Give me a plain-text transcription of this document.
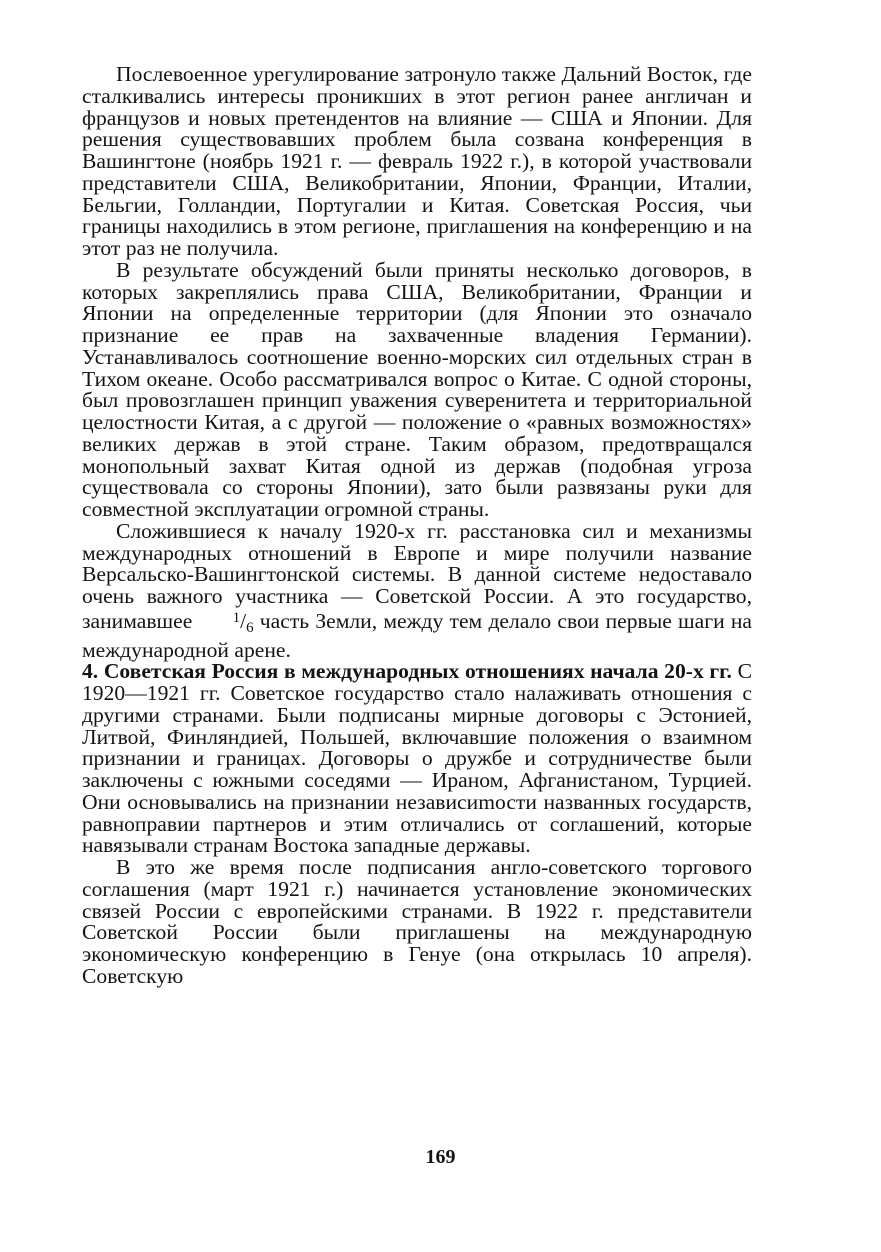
Послевоенное урегулирование затронуло также Дальний Восток, где сталкивались интересы проникших в этот регион ранее англичан и французов и новых претендентов на влияние — США и Японии. Для решения существовавших проблем была созвана конференция в Вашингтоне (ноябрь 1921 г. — февраль 1922 г.), в которой участвовали представители США, Великобритании, Японии, Франции, Италии, Бельгии, Голландии, Португалии и Китая. Советская Россия, чьи границы находились в этом регионе, приглашения на конференцию и на этот раз не получила.

В результате обсуждений были приняты несколько договоров, в которых закреплялись права США, Великобритании, Франции и Японии на определенные территории (для Японии это означало признание ее прав на захваченные владения Германии). Устанавливалось соотношение военно-морских сил отдельных стран в Тихом океане. Особо рассматривался вопрос о Китае. С одной стороны, был провозглашен принцип уважения суверенитета и территориальной целостности Китая, а с другой — положение о «равных возможностях» великих держав в этой стране. Таким образом, предотвращался монопольный захват Китая одной из держав (подобная угроза существовала со стороны Японии), зато были развязаны руки для совместной эксплуатации огромной страны.

Сложившиеся к началу 1920-х гг. расстановка сил и механизмы международных отношений в Европе и мире получили название Версальско-Вашингтонской системы. В данной системе недоставало очень важного участника — Советской России. А это государство, занимавшее	$^1/_6$ часть Земли, между тем делало свои первые шаги на международной арене.

4. Советская Россия в международных отношениях начала 20-х гг. С 1920—1921 гг. Советское государство стало налаживать отношения с другими странами. Были подписаны мирные договоры с Эстонией, Литвой, Финляндией, Польшей, включавшие положения о взаимном признании и границах. Договоры о дружбе и сотрудничестве были заключены с южными соседями — Ираном, Афганистаном, Турцией. Они основывались на признании независиmости названных государств, равноправии партнеров и этим отличались от соглашений, которые навязывали странам Востока западные державы.

В это же время после подписания англо-советского торгового соглашения (март 1921 г.) начинается установление экономических связей России с европейскими странами. В 1922 г. представители Советской России были приглашены на международную экономическую конференцию в Генуе (она открылась 10 апреля). Советскую

169
